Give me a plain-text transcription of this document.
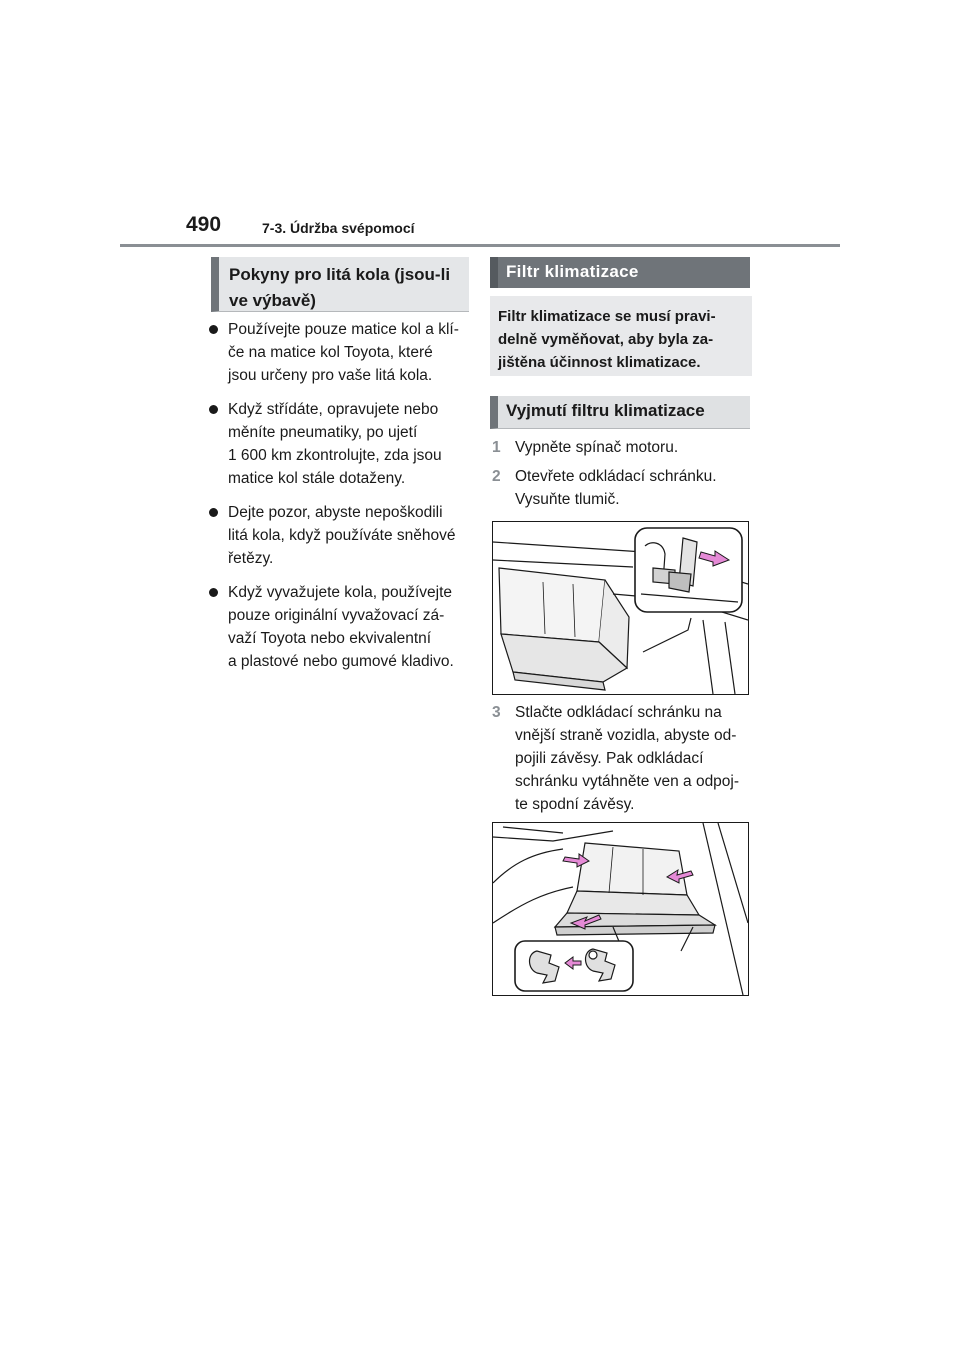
490	7-3. Údržba svépomocí
Pokyny pro litá kola (jsou-li
ve výbavě)
Používejte pouze matice kol a klí-
če na matice kol Toyota, které
jsou určeny pro vaše litá kola.
Když střídáte, opravujete nebo
měníte pneumatiky, po ujetí
1 600 km zkontrolujte, zda jsou
matice kol stále dotaženy.
Dejte pozor, abyste nepoškodili
litá kola, když používáte sněhové
řetězy.
Když vyvažujete kola, používejte
pouze originální vyvažovací zá-
važí Toyota nebo ekvivalentní
a plastové nebo gumové kladivo.
Filtr klimatizace
Filtr klimatizace se musí pravi-
delně vyměňovat, aby byla za-
jištěna účinnost klimatizace.
Vyjmutí filtru klimatizace
1 Vypněte spínač motoru.
2 Otevřete odkládací schránku.
Vysuňte tlumič.
3 Stlačte odkládací schránku na
vnější straně vozidla, abyste od-
pojili závěsy. Pak odkládací
schránku vytáhněte ven a odpoj-
te spodní závěsy.
